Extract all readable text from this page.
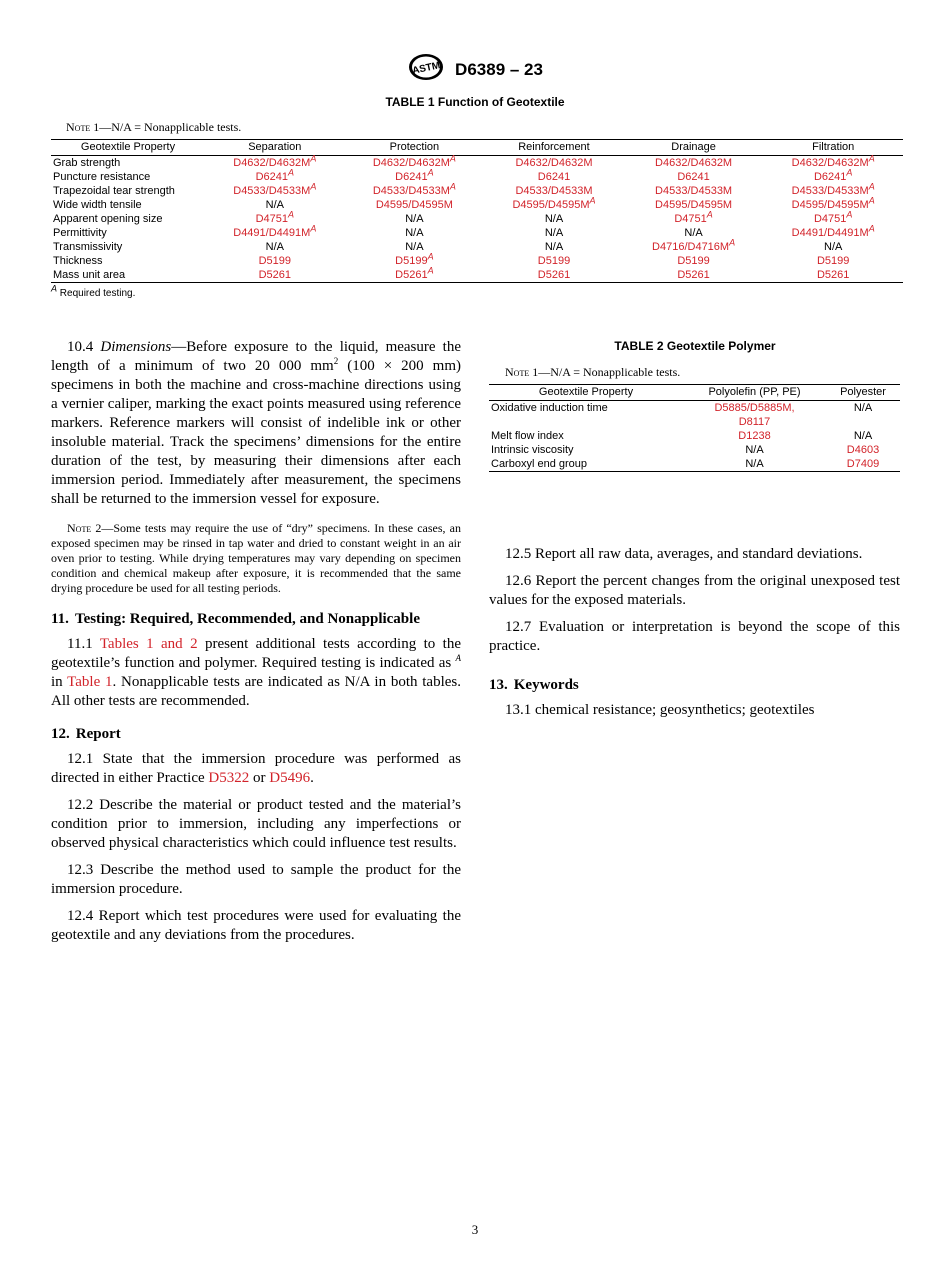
ASTM D6389 – 23
TABLE 1 Function of Geotextile
Note 1—N/A = Nonapplicable tests.
Geotextile Property	Separation	Protection	Reinforcement	Drainage	Filtration
Grab strength	$D4632/D4632M^A$	$D4632/D4632M^A$	D4632/D4632M	D4632/D4632M	$D4632/D4632M^A$
Puncture resistance	$D6241^A$	$D6241^A$	D6241	D6241	$D6241^A$
Trapezoidal tear strength	$D4533/D4533M^A$	$D4533/D4533M^A$	D4533/D4533M	D4533/D4533M	$D4533/D4533M^A$
Wide width tensile	N/A	D4595/D4595M	$D4595/D4595M^A$	D4595/D4595M	$D4595/D4595M^A$
Apparent opening size	$D4751^A$	N/A	N/A	$D4751^A$	$D4751^A$
Permittivity	$D4491/D4491M^A$	N/A	N/A	N/A	$D4491/D4491M^A$
Transmissivity	N/A	N/A	N/A	$D4716/D4716M^A$	N/A
Thickness	D5199	$D5199^A$	D5199	D5199	D5199
Mass unit area	D5261	$D5261^A$	D5261	D5261	D5261
$^A$ Required testing.
TABLE 2 Geotextile Polymer
Note 1—N/A = Nonapplicable tests.
Geotextile Property	Polyolefin (PP, PE)	Polyester
Oxidative induction time	D5885/D5885M,	N/A
	D8117	
Melt flow index	D1238	N/A
Intrinsic viscosity	N/A	D4603
Carboxyl end group	N/A	D7409

10.4 Dimensions—Before exposure to the liquid, measure the length of a minimum of two 20 000 $mm^2$ (100 × 200 mm) specimens in both the machine and cross-machine directions using a vernier caliper, marking the exact points measured using reference markers. Reference markers will consist of indelible ink or other insoluble material. Track the specimens’ dimensions for the entire duration of the test, by measuring their dimensions after each immersion period. Immediately after measurement, the specimens shall be returned to the immersion vessel for exposure.

Note 2—Some tests may require the use of “dry” specimens. In these cases, an exposed specimen may be rinsed in tap water and dried to constant weight in an air oven prior to testing. While drying temperatures may vary depending on specimen condition and chemical makeup after exposure, it is recommended that the same drying procedure be used for all testing periods.

11. Testing: Required, Recommended, and Nonapplicable

11.1 Tables 1 and 2 present additional tests according to the geotextile’s function and polymer. Required testing is indicated as $^A$ in Table 1. Nonapplicable tests are indicated as N/A in both tables. All other tests are recommended.

12. Report

12.1 State that the immersion procedure was performed as directed in either Practice D5322 or D5496.

12.2 Describe the material or product tested and the material’s condition prior to immersion, including any imperfections or observed physical characteristics which could influence test results.

12.3 Describe the method used to sample the product for the immersion procedure.

12.4 Report which test procedures were used for evaluating the geotextile and any deviations from the procedures.

12.5 Report all raw data, averages, and standard deviations.

12.6 Report the percent changes from the original unexposed test values for the exposed materials.

12.7 Evaluation or interpretation is beyond the scope of this practice.

13. Keywords

13.1 chemical resistance; geosynthetics; geotextiles

3
